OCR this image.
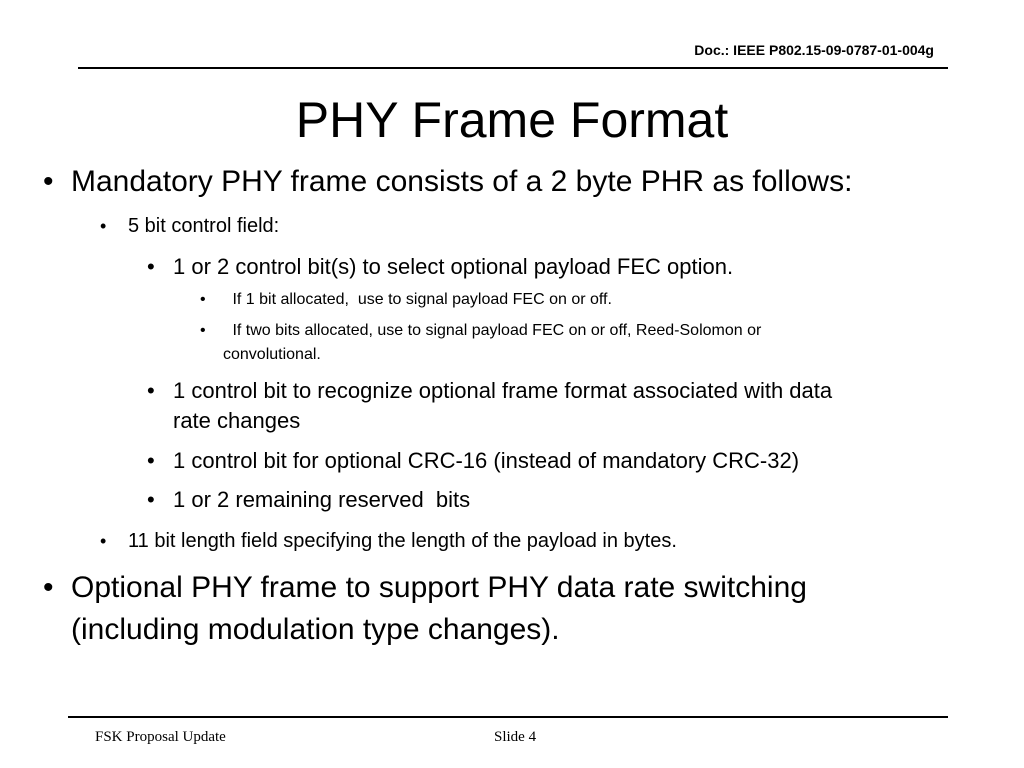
Doc.: IEEE P802.15-09-0787-01-004g
PHY Frame Format
• Mandatory PHY frame consists of a 2 byte PHR as follows:
• 5 bit control field:
• 1 or 2 control bit(s) to select optional payload FEC option.
• If 1 bit allocated,  use to signal payload FEC on or off.
• If two bits allocated, use to signal payload FEC on or off, Reed-Solomon or
convolutional.
• 1 control bit to recognize optional frame format associated with data
rate changes
• 1 control bit for optional CRC-16 (instead of mandatory CRC-32)
• 1 or 2 remaining reserved  bits
• 11 bit length field specifying the length of the payload in bytes.
• Optional PHY frame to support PHY data rate switching
(including modulation type changes).
FSK Proposal Update	Slide 4
